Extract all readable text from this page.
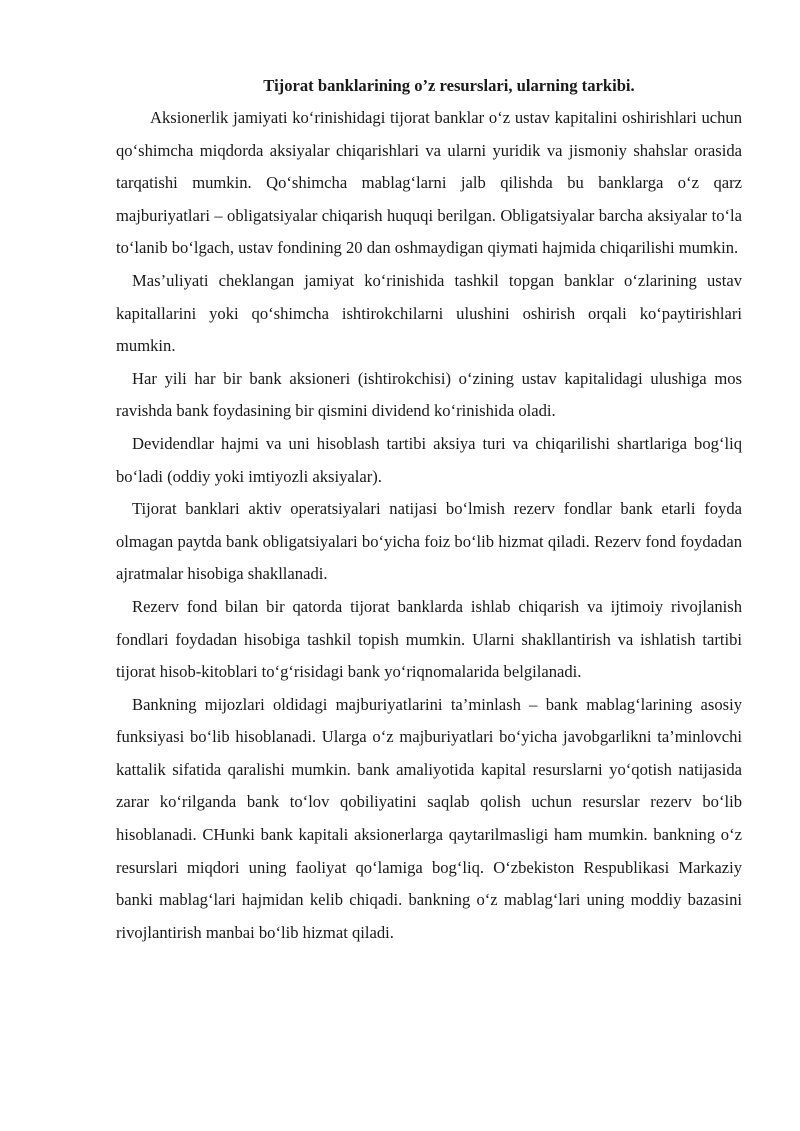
Tijorat banklarining o’z resurslari, ularning tarkibi.

Aksionerlik jamiyati ko‘rinishidagi tijorat banklar o‘z ustav kapitalini oshirishlari uchun qo‘shimcha miqdorda aksiyalar chiqarishlari va ularni yuridik va jismoniy shahslar orasida tarqatishi mumkin. Qo‘shimcha mablag‘larni jalb qilishda bu banklarga o‘z qarz majburiyatlari – obligatsiyalar chiqarish huquqi berilgan. Obligatsiyalar barcha aksiyalar to‘la to‘lanib bo‘lgach, ustav fondining 20 dan oshmaydigan qiymati hajmida chiqarilishi mumkin.

Mas’uliyati cheklangan jamiyat ko‘rinishida tashkil topgan banklar o‘zlarining ustav kapitallarini yoki qo‘shimcha ishtirokchilarni ulushini oshirish orqali ko‘paytirishlari mumkin.

Har yili har bir bank aksioneri (ishtirokchisi) o‘zining ustav kapitalidagi ulushiga mos ravishda bank foydasining bir qismini dividend ko‘rinishida oladi.

Devidendlar hajmi va uni hisoblash tartibi aksiya turi va chiqarilishi shartlariga bog‘liq bo‘ladi (oddiy yoki imtiyozli aksiyalar).

Tijorat banklari aktiv operatsiyalari natijasi bo‘lmish rezerv fondlar bank etarli foyda olmagan paytda bank obligatsiyalari bo‘yicha foiz bo‘lib hizmat qiladi. Rezerv fond foydadan ajratmalar hisobiga shakllanadi.

Rezerv fond bilan bir qatorda tijorat banklarda ishlab chiqarish va ijtimoiy rivojlanish fondlari foydadan hisobiga tashkil topish mumkin. Ularni shakllantirish va ishlatish tartibi tijorat hisob-kitoblari to‘g‘risidagi bank yo‘riqnomalarida belgilanadi.

Bankning mijozlari oldidagi majburiyatlarini ta’minlash – bank mablag‘larining asosiy funksiyasi bo‘lib hisoblanadi. Ularga o‘z majburiyatlari bo‘yicha javobgarlikni ta’minlovchi kattalik sifatida qaralishi mumkin. bank amaliyotida kapital resurslarni yo‘qotish natijasida zarar ko‘rilganda bank to‘lov qobiliyatini saqlab qolish uchun resurslar rezerv bo‘lib hisoblanadi. CHunki bank kapitali aksionerlarga qaytarilmasligi ham mumkin. bankning o‘z resurslari miqdori uning faoliyat qo‘lamiga bog‘liq. O‘zbekiston Respublikasi Markaziy banki mablag‘lari hajmidan kelib chiqadi. bankning o‘z mablag‘lari uning moddiy bazasini rivojlantirish manbai bo‘lib hizmat qiladi.
